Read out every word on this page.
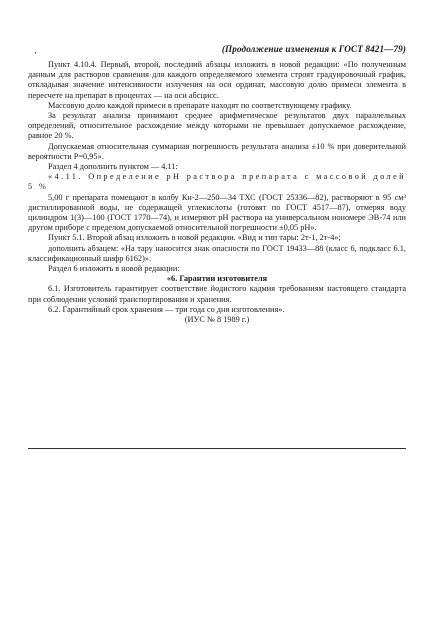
‚	(Продолжение изменения к ГОСТ 8421—79)

Пункт 4.10.4. Первый, второй, последний абзацы изложить в новой редакции: «По полученным данным для растворов сравнения для каждого определяемого элемента строят градуировочный график, откладывая значение интенсивности излучения на оси ординат, массовую долю примеси элемента в пересчете на препарат в процентах — на оси абсцисс.

Массовую долю каждой примеси в препарате находят по соответствующему графику.

За результат анализа принимают среднее арифметическое результатов двух параллельных определений, относительное расхождение между которыми не превышает допускаемое расхождение, равное 20 %.

Допускаемая относительная суммарная погрешность результата анализа ±10 % при доверительной вероятности P=0,95».

Раздел 4 дополнить пунктом — 4.11:

«4.11. Определение pH раствора препарата с массовой долей 5 %

5,00 г препарата помещают в колбу Кн-2—250—34 ТХС (ГОСТ 25336—82), растворяют в 95 см³ дистиллированной воды, не содержащей углекислоты (готовят по ГОСТ 4517—87), отмеряя воду цилиндром 1(3)—100 (ГОСТ 1770—74), и измеряют pH раствора на универсальном иономере ЭВ-74 или другом приборе с пределом допускаемой относительной погрешности ±0,05 pH».

Пункт 5.1. Второй абзац изложить в новой редакции. «Вид и тип тары: 2т-1, 2т-4»;

дополнить абзацем: «На тару наносится знак опасности по ГОСТ 19433—88 (класс 6, подкласс 6.1, классификационный шифр 6162)».

Раздел 6 изложить в новой редакции:

«6. Гарантии изготовителя

6.1. Изготовитель гарантирует соответствие йодистого кадмия требованиям настоящего стандарта при соблюдении условий транспортирования и хранения.

6.2. Гарантийный срок хранения — три года со дня изготовления».

(ИУС № 8 1989 г.)
